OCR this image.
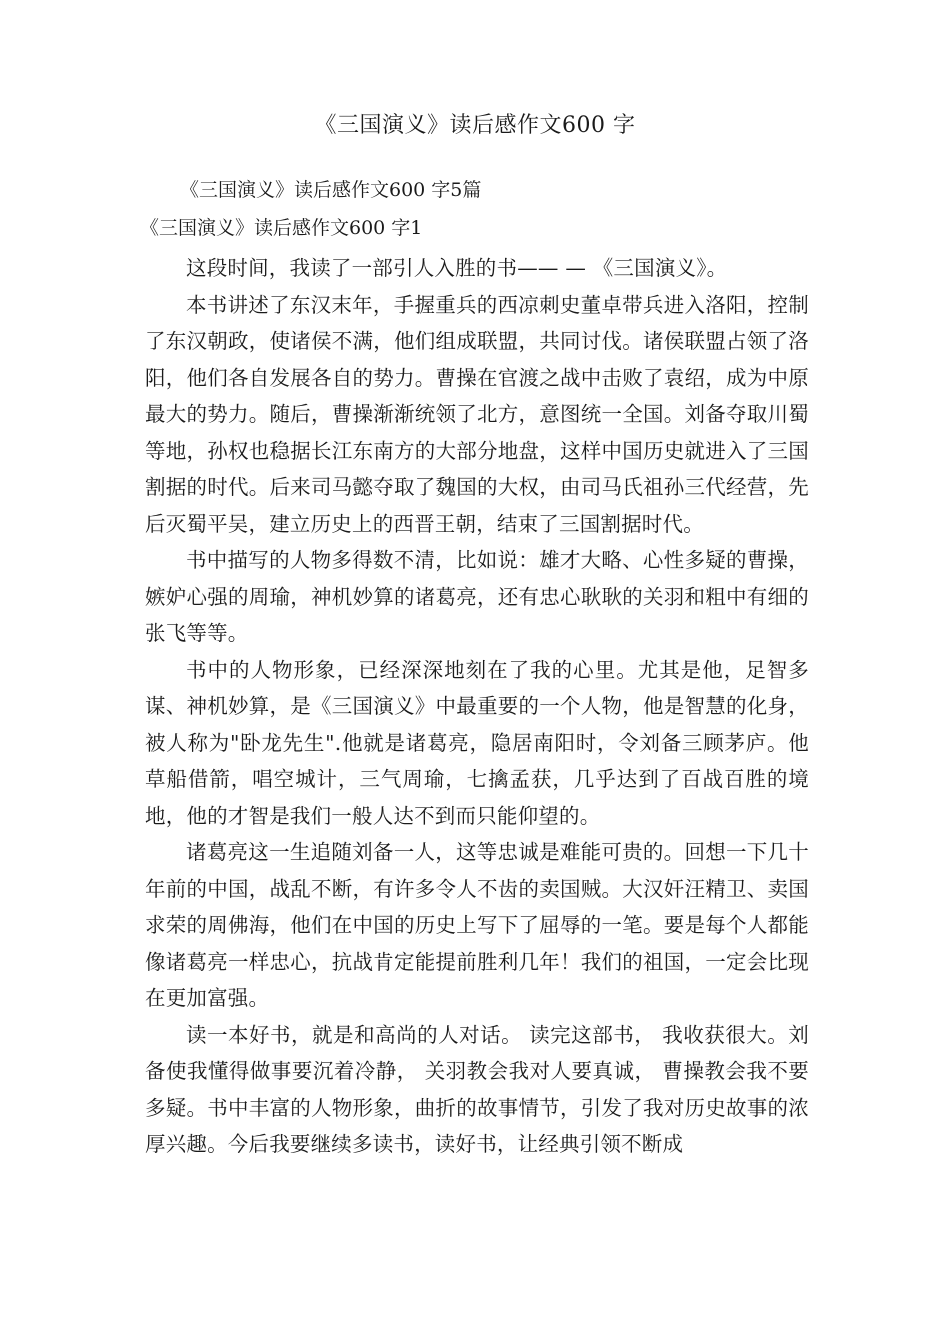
《三国演义》读后感作文600 字
《三国演义》读后感作文600 字5篇
《三国演义》读后感作文600 字1

这段时间，我读了一部引人入胜的书—— — 《三国演义》。

本书讲述了东汉末年，手握重兵的西凉刺史董卓带兵进入洛阳，控制了东汉朝政，使诸侯不满，他们组成联盟，共同讨伐。诸侯联盟占领了洛阳，他们各自发展各自的势力。曹操在官渡之战中击败了袁绍，成为中原最大的势力。随后，曹操渐渐统领了北方，意图统一全国。刘备夺取川蜀等地，孙权也稳据长江东南方的大部分地盘，这样中国历史就进入了三国割据的时代。后来司马懿夺取了魏国的大权，由司马氏祖孙三代经营，先后灭蜀平吴，建立历史上的西晋王朝，结束了三国割据时代。

书中描写的人物多得数不清，比如说：雄才大略、心性多疑的曹操，嫉妒心强的周瑜，神机妙算的诸葛亮，还有忠心耿耿的关羽和粗中有细的张飞等等。

书中的人物形象，已经深深地刻在了我的心里。尤其是他，足智多谋、神机妙算，是《三国演义》中最重要的一个人物，他是智慧的化身，被人称为"卧龙先生".他就是诸葛亮，隐居南阳时，令刘备三顾茅庐。他草船借箭，唱空城计，三气周瑜，七擒孟获，几乎达到了百战百胜的境地，他的才智是我们一般人达不到而只能仰望的。

诸葛亮这一生追随刘备一人，这等忠诚是难能可贵的。回想一下几十年前的中国，战乱不断，有许多令人不齿的卖国贼。大汉奸汪精卫、卖国求荣的周佛海，他们在中国的历史上写下了屈辱的一笔。要是每个人都能像诸葛亮一样忠心，抗战肯定能提前胜利几年！我们的祖国，一定会比现在更加富强。

读一本好书，就是和高尚的人对话。 读完这部书， 我收获很大。刘备使我懂得做事要沉着冷静， 关羽教会我对人要真诚， 曹操教会我不要多疑。书中丰富的人物形象，曲折的故事情节，引发了我对历史故事的浓厚兴趣。今后我要继续多读书，读好书，让经典引领不断成
